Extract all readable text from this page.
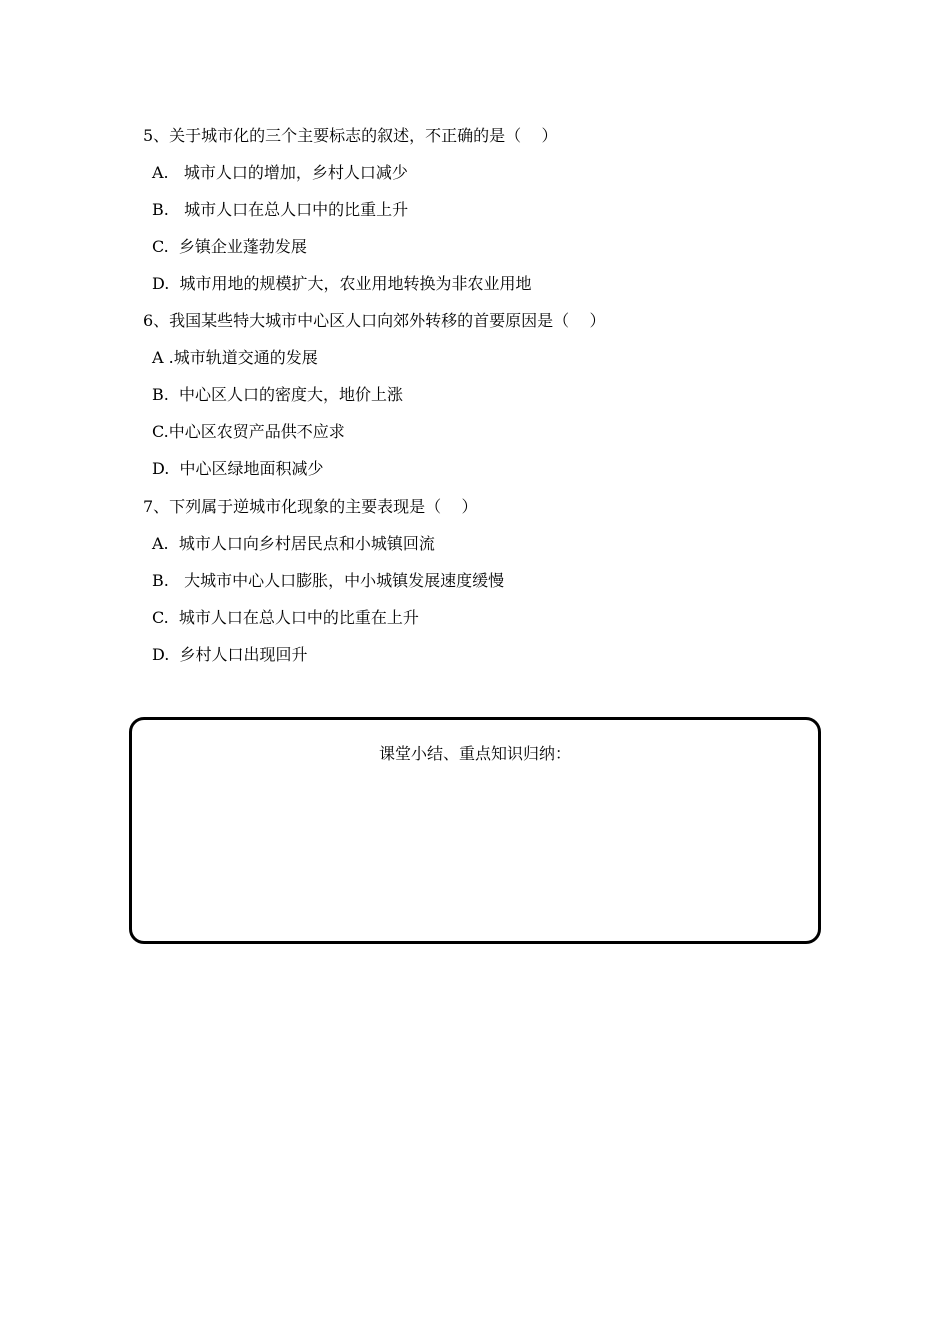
5、关于城市化的三个主要标志的叙述，不正确的是（    ）
A.   城市人口的增加，乡村人口减少
B.   城市人口在总人口中的比重上升
C.  乡镇企业蓬勃发展
D.  城市用地的规模扩大，农业用地转换为非农业用地
6、我国某些特大城市中心区人口向郊外转移的首要原因是（    ）
A .城市轨道交通的发展
B.  中心区人口的密度大，地价上涨
C.中心区农贸产品供不应求
D.  中心区绿地面积减少
7、下列属于逆城市化现象的主要表现是（    ）
A.  城市人口向乡村居民点和小城镇回流
B.   大城市中心人口膨胀，中小城镇发展速度缓慢
C.  城市人口在总人口中的比重在上升
D.  乡村人口出现回升
课堂小结、重点知识归纳：
